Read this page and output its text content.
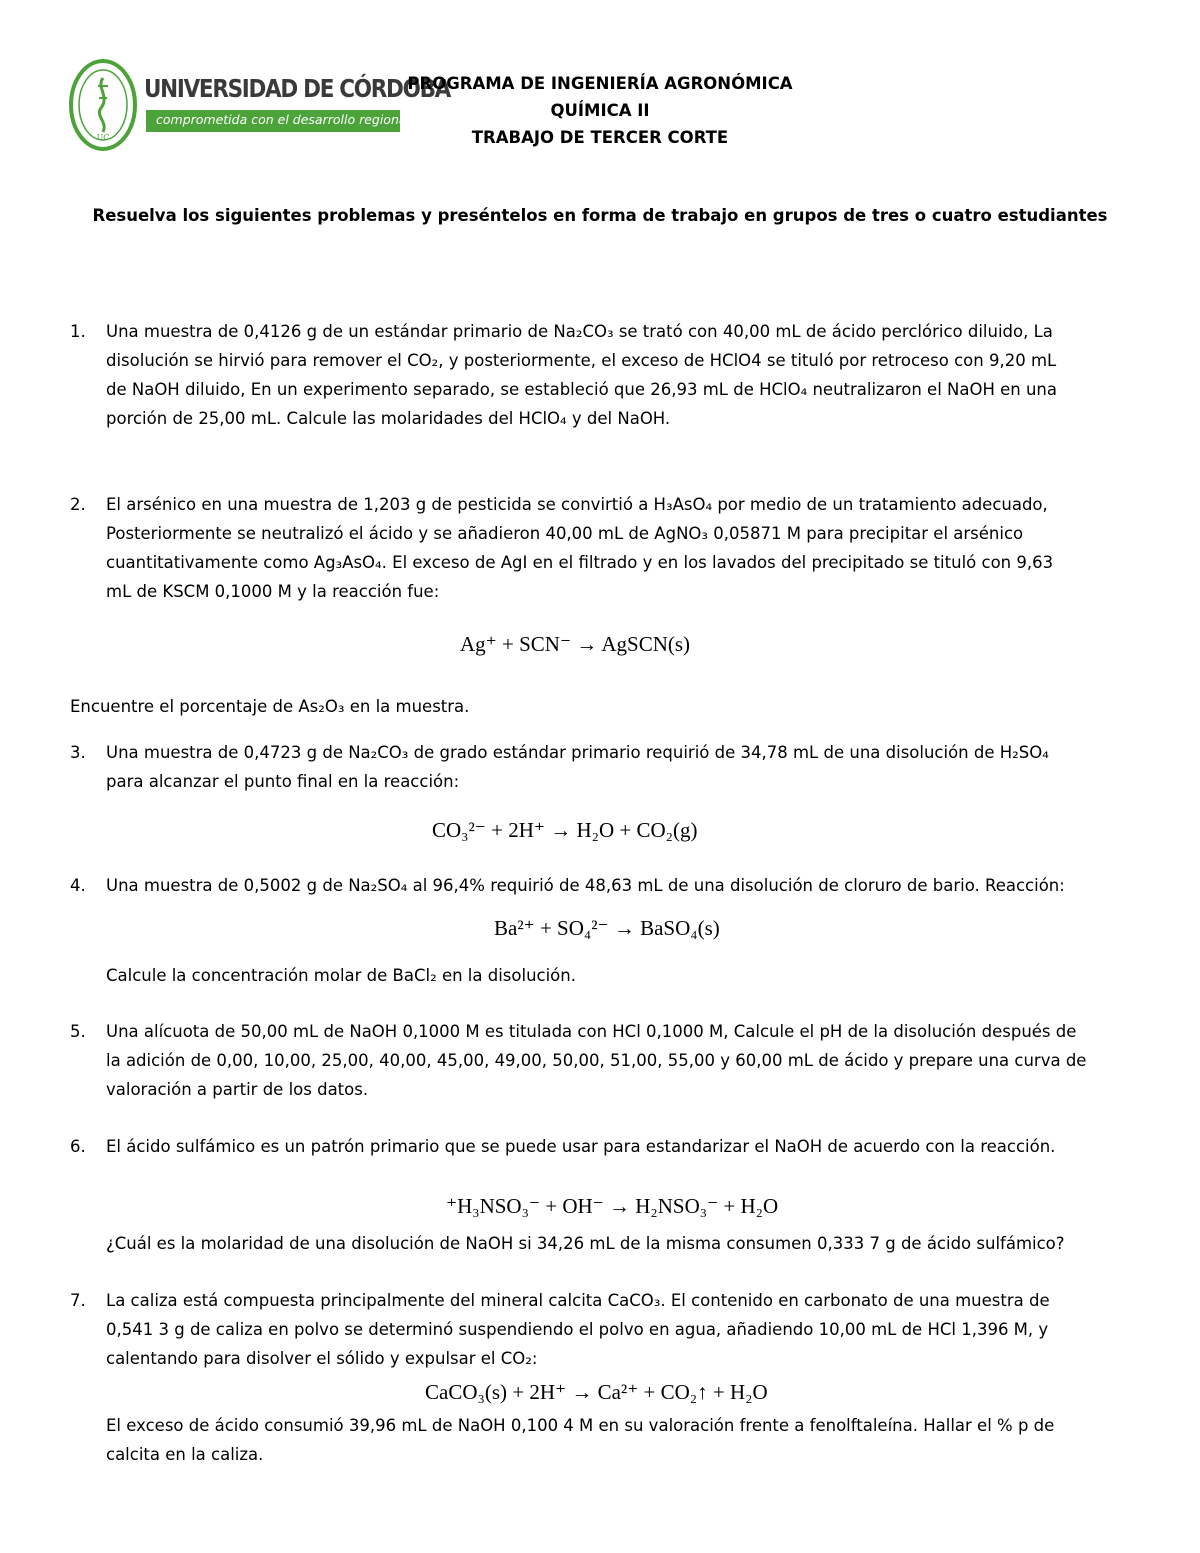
UC
UNIVERSIDAD DE CÓRDOBA
comprometida con el desarrollo regional
PROGRAMA DE INGENIERÍA AGRONÓMICA
QUÍMICA II
TRABAJO DE TERCER CORTE
Resuelva los siguientes problemas y preséntelos en forma de trabajo en grupos de tres o cuatro estudiantes
1.	Una muestra de 0,4126 g de un estándar primario de Na₂CO₃ se trató con 40,00 mL de ácido perclórico diluido, La
disolución se hirvió para remover el CO₂, y posteriormente, el exceso de HClO4 se tituló por retroceso con 9,20 mL
de NaOH diluido, En un experimento separado, se estableció que 26,93 mL de HClO₄ neutralizaron el NaOH en una
porción de 25,00 mL. Calcule las molaridades del HClO₄ y del NaOH.
2.	El arsénico en una muestra de 1,203 g de pesticida se convirtió a H₃AsO₄ por medio de un tratamiento adecuado,
Posteriormente se neutralizó el ácido y se añadieron 40,00 mL de AgNO₃ 0,05871 M para precipitar el arsénico
cuantitativamente como Ag₃AsO₄. El exceso de AgI en el filtrado y en los lavados del precipitado se tituló con 9,63
mL de KSCM 0,1000 M y la reacción fue:
Ag⁺ + SCN⁻ → AgSCN(s)
Encuentre el porcentaje de As₂O₃ en la muestra.
3.	Una muestra de 0,4723 g de Na₂CO₃ de grado estándar primario requirió de 34,78 mL de una disolución de H₂SO₄
para alcanzar el punto final en la reacción:
CO₃²⁻ + 2H⁺ → H₂O + CO₂(g)
4.	Una muestra de 0,5002 g de Na₂SO₄ al 96,4% requirió de 48,63 mL de una disolución de cloruro de bario. Reacción:
Ba²⁺ + SO₄²⁻ → BaSO₄(s)
Calcule la concentración molar de BaCl₂ en la disolución.
5.	Una alícuota de 50,00 mL de NaOH 0,1000 M es titulada con HCl 0,1000 M, Calcule el pH de la disolución después de
la adición de 0,00, 10,00, 25,00, 40,00, 45,00, 49,00, 50,00, 51,00, 55,00 y 60,00 mL de ácido y prepare una curva de
valoración a partir de los datos.
6.	El ácido sulfámico es un patrón primario que se puede usar para estandarizar el NaOH de acuerdo con la reacción.
⁺H₃NSO₃⁻ + OH⁻ → H₂NSO₃⁻ + H₂O
¿Cuál es la molaridad de una disolución de NaOH si 34,26 mL de la misma consumen 0,333 7 g de ácido sulfámico?
7.	La caliza está compuesta principalmente del mineral calcita CaCO₃. El contenido en carbonato de una muestra de
0,541 3 g de caliza en polvo se determinó suspendiendo el polvo en agua, añadiendo 10,00 mL de HCl 1,396 M, y
calentando para disolver el sólido y expulsar el CO₂:
CaCO₃(s) + 2H⁺ → Ca²⁺ + CO₂↑ + H₂O
El exceso de ácido consumió 39,96 mL de NaOH 0,100 4 M en su valoración frente a fenolftaleína. Hallar el % p de
calcita en la caliza.
